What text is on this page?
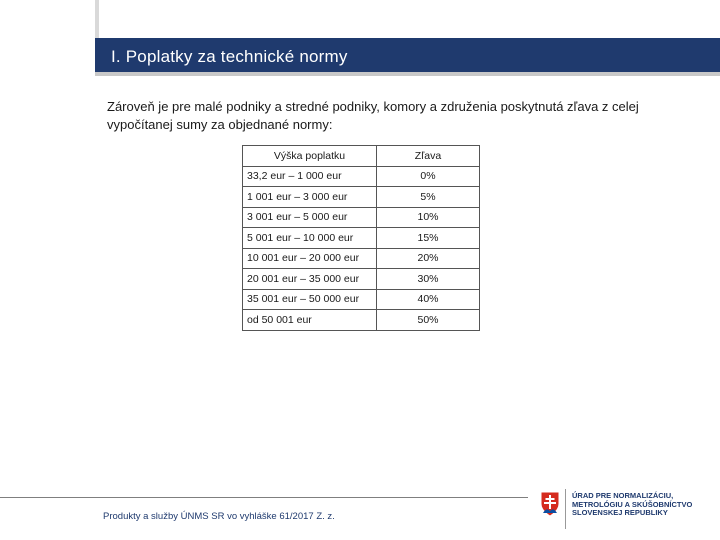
I. Poplatky za technické normy
Zároveň je pre malé podniky a stredné podniky, komory a združenia poskytnutá zľava z celej vypočítanej sumy za objednané normy:
Výška poplatku	Zľava
33,2 eur – 1 000 eur	0%
1 001 eur – 3 000 eur	5%
3 001 eur – 5 000 eur	10%
5 001 eur – 10 000 eur	15%
10 001 eur – 20 000 eur	20%
20 001 eur – 35 000 eur	30%
35 001 eur – 50 000 eur	40%
od 50 001 eur	50%
Produkty a služby ÚNMS SR vo vyhláške 61/2017 Z. z.
ÚRAD PRE NORMALIZÁCIU,
METROLÓGIU A SKÚŠOBNÍCTVO
SLOVENSKEJ REPUBLIKY
